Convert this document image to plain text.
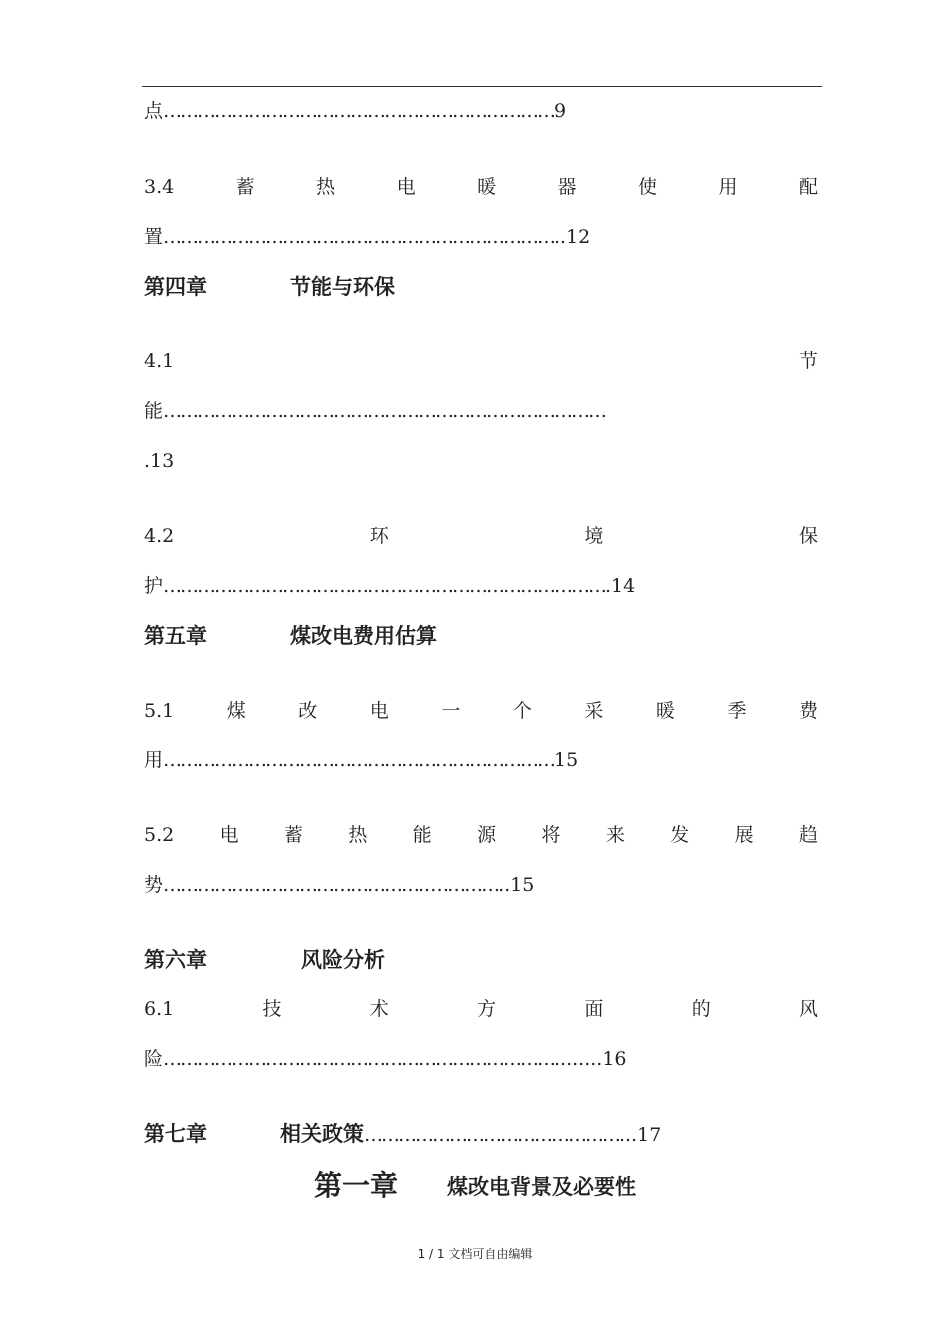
点……………………………………………………………9
3.4	蓄	热	电	暖	器	使	用	配
置……………………………………………………………..12
第四章	节能与环保
4.1	节
能……………………………………………………………………
.13
4.2	环	境	保
护…………………………………………………………………….14
第五章	煤改电费用估算
5.1	煤	改	电	一	个	采	暖	季	费
用……………………………………………………………15
5.2 电 蓄 热 能 源 将 来 发 展 趋
势………………………………………..…………..15
第六章	风险分析
6.1	技	术	方	面	的	风
险……………………………………………………………........16
第七章	相关政策………………………………………...17
第一章 煤改电背景及必要性
1 / 1 文档可自由编辑
